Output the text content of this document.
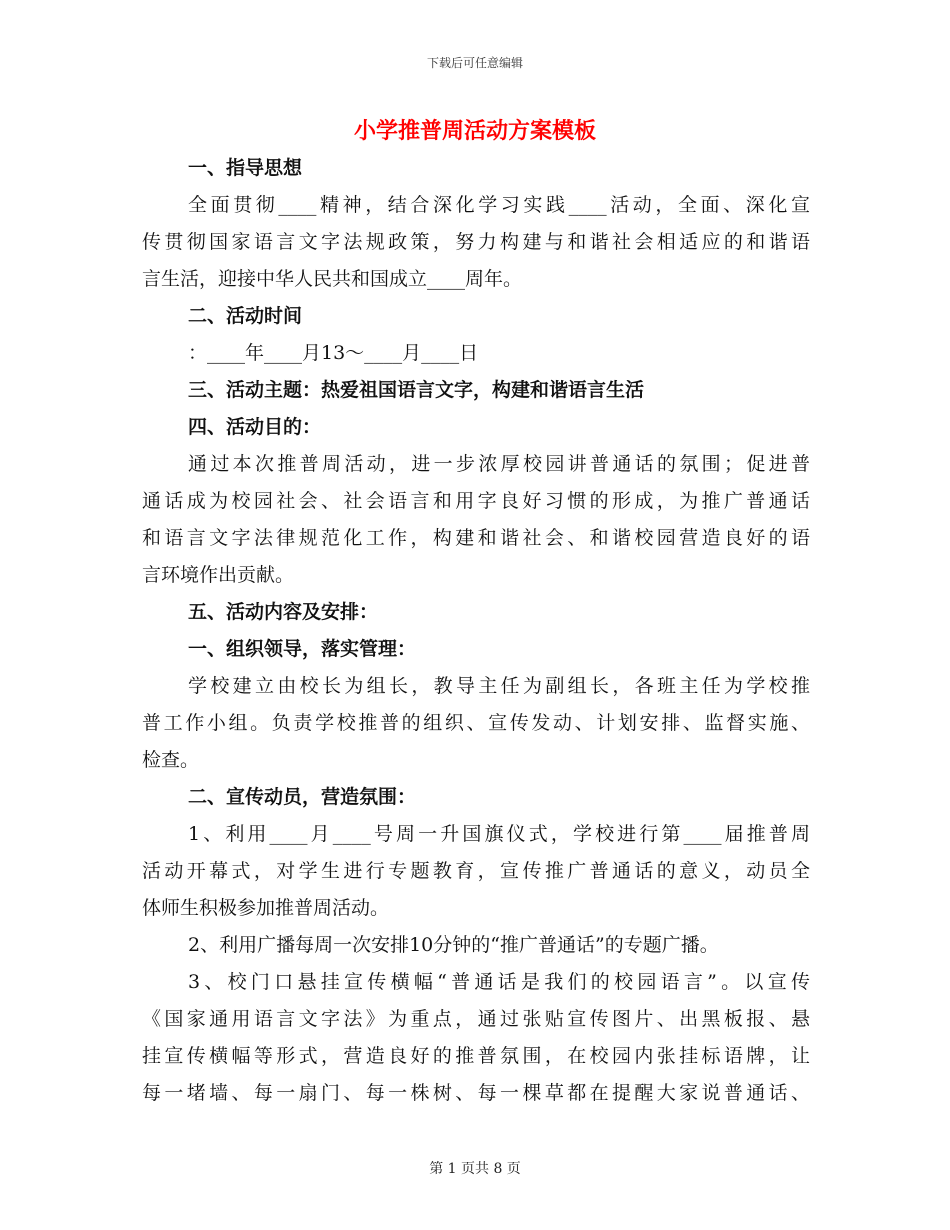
下载后可任意编辑
小学推普周活动方案模板
一、指导思想
全面贯彻____精神，结合深化学习实践____活动，全面、深化宣
传贯彻国家语言文字法规政策，努力构建与和谐社会相适应的和谐语
言生活，迎接中华人民共和国成立____周年。
二、活动时间
：____年____月13～____月____日
三、活动主题：热爱祖国语言文字，构建和谐语言生活
四、活动目的：
通过本次推普周活动，进一步浓厚校园讲普通话的氛围；促进普
通话成为校园社会、社会语言和用字良好习惯的形成，为推广普通话
和语言文字法律规范化工作，构建和谐社会、和谐校园营造良好的语
言环境作出贡献。
五、活动内容及安排：
一、组织领导，落实管理：
学校建立由校长为组长，教导主任为副组长，各班主任为学校推
普工作小组。负责学校推普的组织、宣传发动、计划安排、监督实施、
检查。
二、宣传动员，营造氛围：
1、利用____月____号周一升国旗仪式，学校进行第____届推普周
活动开幕式，对学生进行专题教育，宣传推广普通话的意义，动员全
体师生积极参加推普周活动。
2、利用广播每周一次安排10分钟的“推广普通话”的专题广播。
3、校门口悬挂宣传横幅“普通话是我们的校园语言”。以宣传
《国家通用语言文字法》为重点，通过张贴宣传图片、出黑板报、悬
挂宣传横幅等形式，营造良好的推普氛围，在校园内张挂标语牌，让
每一堵墙、每一扇门、每一株树、每一棵草都在提醒大家说普通话、
第 1 页共 8 页
